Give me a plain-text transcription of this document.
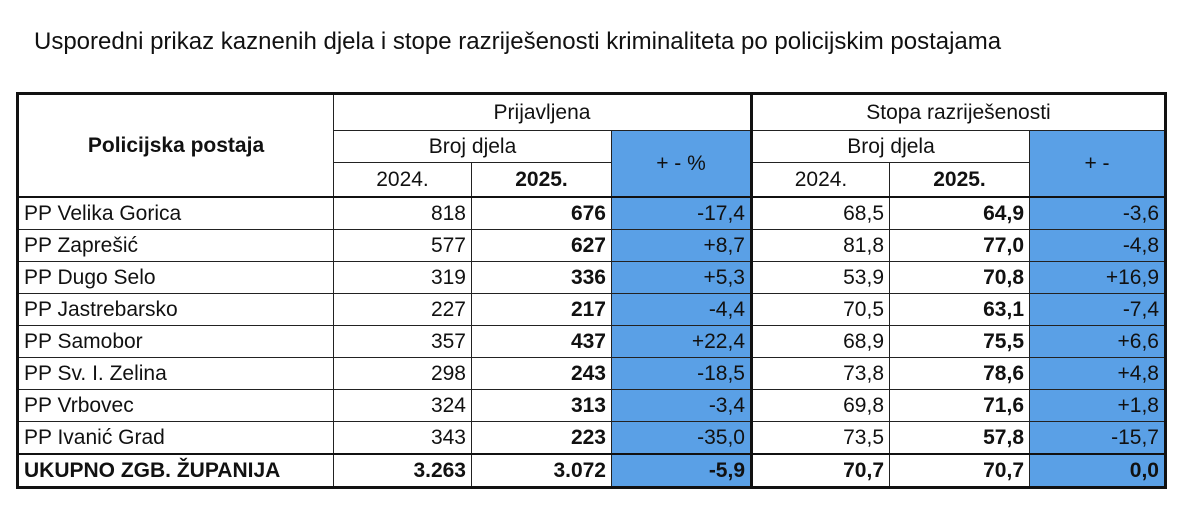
Usporedni prikaz kaznenih djela i stope razriješenosti kriminaliteta po policijskim postajama
Policijska postaja	Prijavljena			Stopa razriješenosti		
	Broj djela		+ - %	Broj djela		+ -
	2024.	2025.		2024.	2025.	
PP Velika Gorica	818	676	-17,4	68,5	64,9	-3,6
PP Zaprešić	577	627	+8,7	81,8	77,0	-4,8
PP Dugo Selo	319	336	+5,3	53,9	70,8	+16,9
PP Jastrebarsko	227	217	-4,4	70,5	63,1	-7,4
PP Samobor	357	437	+22,4	68,9	75,5	+6,6
PP Sv. I. Zelina	298	243	-18,5	73,8	78,6	+4,8
PP Vrbovec	324	313	-3,4	69,8	71,6	+1,8
PP Ivanić Grad	343	223	-35,0	73,5	57,8	-15,7
UKUPNO ZGB. ŽUPANIJA	3.263	3.072	-5,9	70,7	70,7	0,0
